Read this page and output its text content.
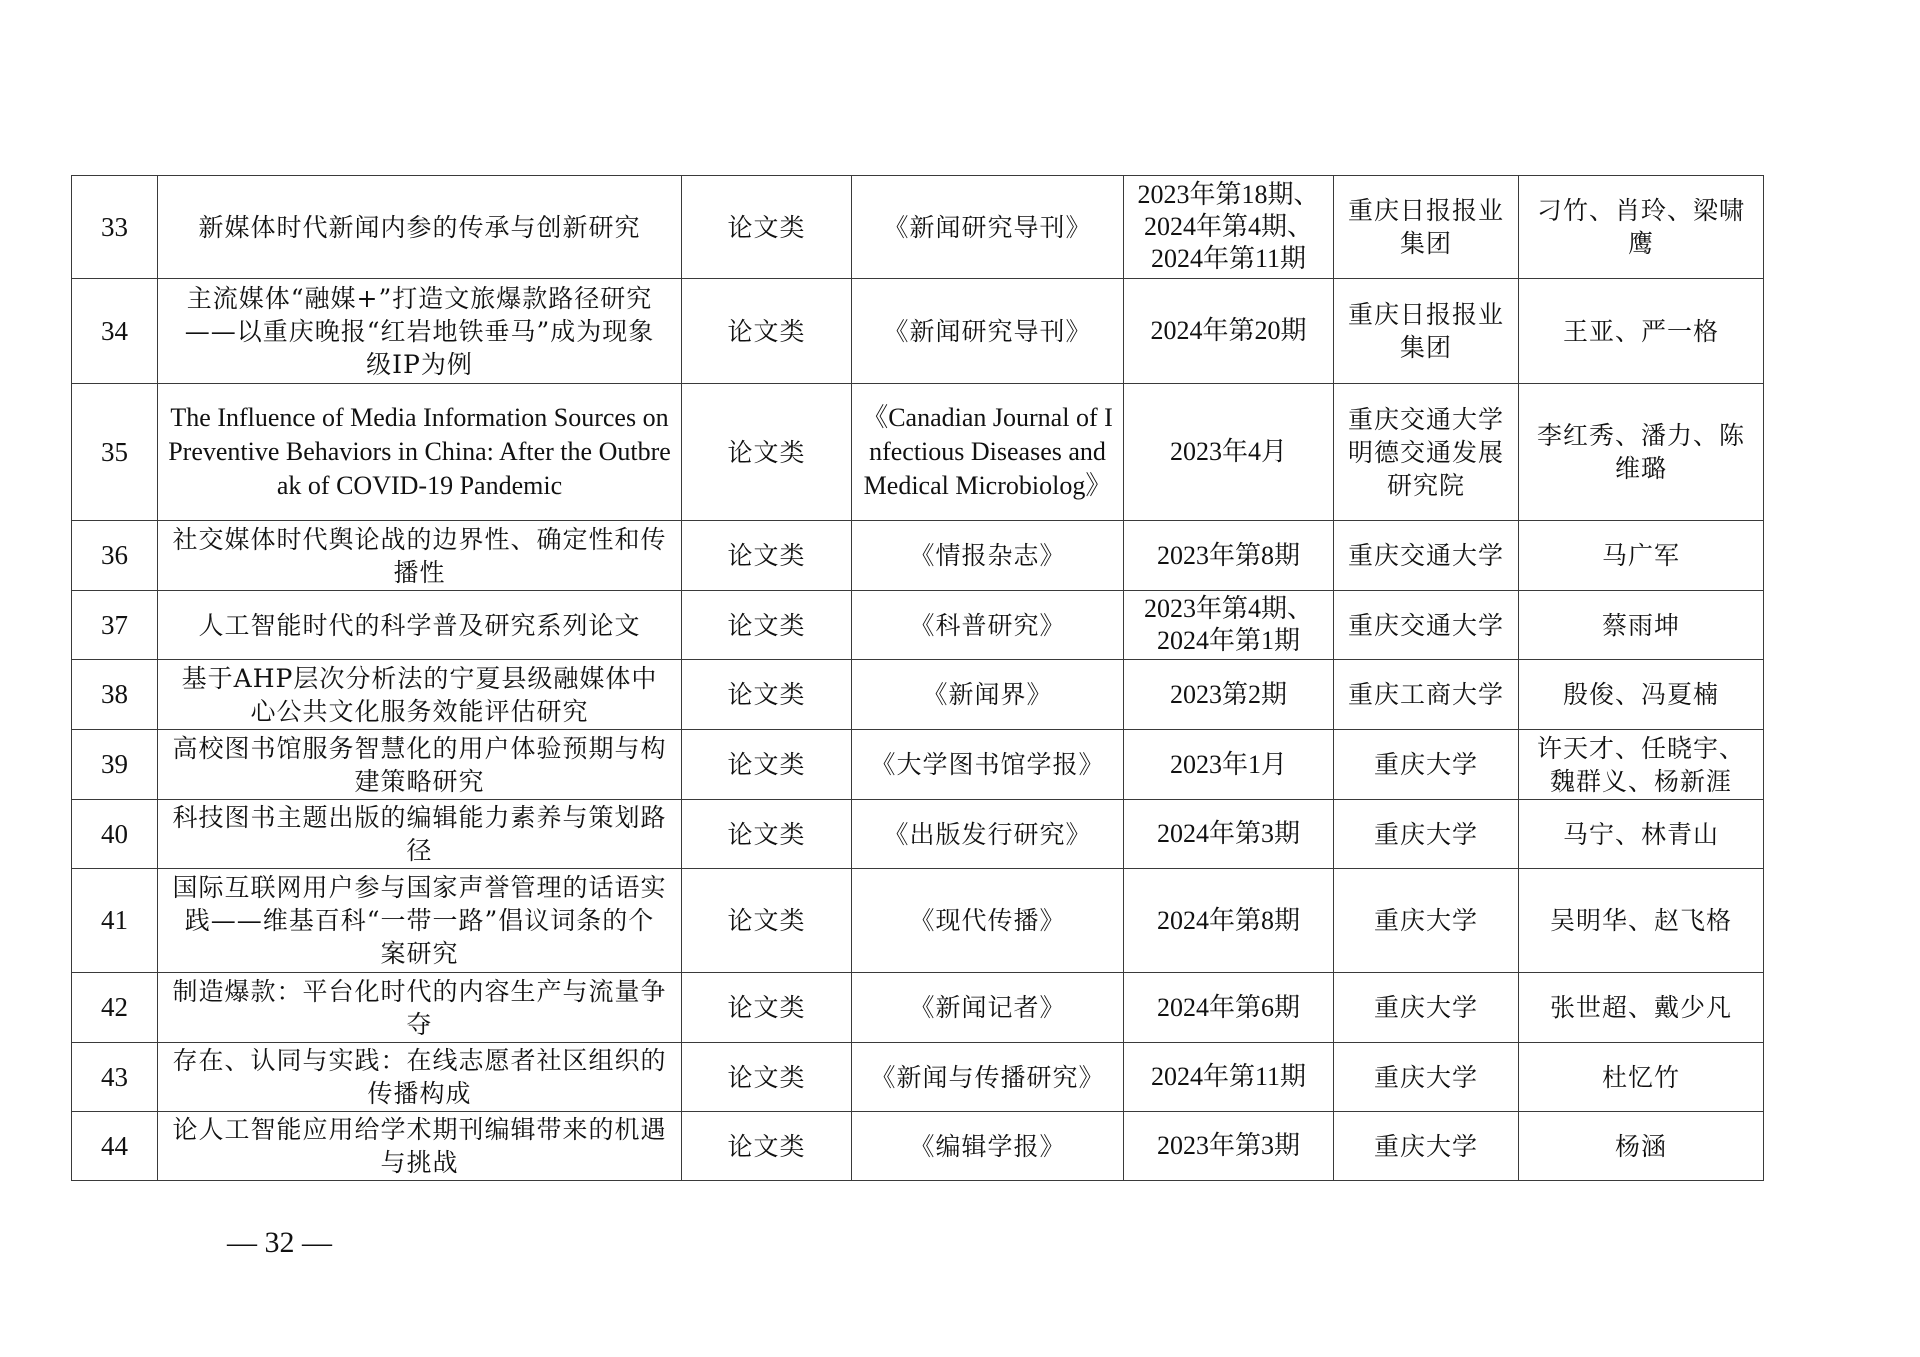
33	新媒体时代新闻内参的传承与创新研究	论文类	《新闻研究导刊》	2023年第18期、
2024年第4期、
2024年第11期	重庆日报报业集团	刁竹、肖玲、梁啸鹰
34	主流媒体“融媒+”打造文旅爆款路径研究——以重庆晚报“红岩地铁垂马”成为现象级IP为例	论文类	《新闻研究导刊》	2024年第20期	重庆日报报业集团	王亚、严一格
35	The Influence of Media Information Sources on Preventive Behaviors in China: After the Outbreak of COVID-19 Pandemic	论文类	《Canadian Journal of Infectious Diseases and Medical Microbiolog》	2023年4月	重庆交通大学明德交通发展研究院	李红秀、潘力、陈维璐
36	社交媒体时代舆论战的边界性、确定性和传播性	论文类	《情报杂志》	2023年第8期	重庆交通大学	马广军
37	人工智能时代的科学普及研究系列论文	论文类	《科普研究》	2023年第4期、
2024年第1期	重庆交通大学	蔡雨坤
38	基于AHP层次分析法的宁夏县级融媒体中心公共文化服务效能评估研究	论文类	《新闻界》	2023第2期	重庆工商大学	殷俊、冯夏楠
39	高校图书馆服务智慧化的用户体验预期与构建策略研究	论文类	《大学图书馆学报》	2023年1月	重庆大学	许天才、任晓宇、魏群义、杨新涯
40	科技图书主题出版的编辑能力素养与策划路径	论文类	《出版发行研究》	2024年第3期	重庆大学	马宁、林青山
41	国际互联网用户参与国家声誉管理的话语实践——维基百科“一带一路”倡议词条的个案研究	论文类	《现代传播》	2024年第8期	重庆大学	吴明华、赵飞格
42	制造爆款：平台化时代的内容生产与流量争夺	论文类	《新闻记者》	2024年第6期	重庆大学	张世超、戴少凡
43	存在、认同与实践：在线志愿者社区组织的传播构成	论文类	《新闻与传播研究》	2024年第11期	重庆大学	杜忆竹
44	论人工智能应用给学术期刊编辑带来的机遇与挑战	论文类	《编辑学报》	2023年第3期	重庆大学	杨涵
— 32 —
